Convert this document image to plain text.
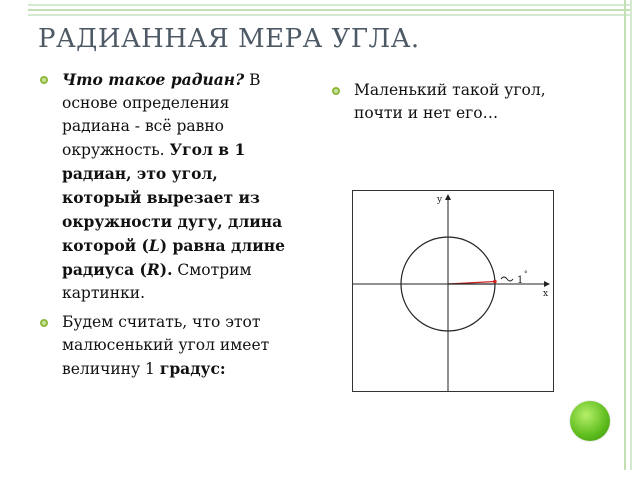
РАДИАННАЯ МЕРА УГЛА.
Что такое радиан? В основе определения радиана - всё равно окружность. Угол в 1 радиан, это угол, который вырезает из окружности дугу, длина которой (L) равна длине радиуса (R). Смотрим картинки.
Будем считать, что этот малюсенький угол имеет величину 1 градус:
Маленький такой угол, почти и нет его…
1
°
y
x
